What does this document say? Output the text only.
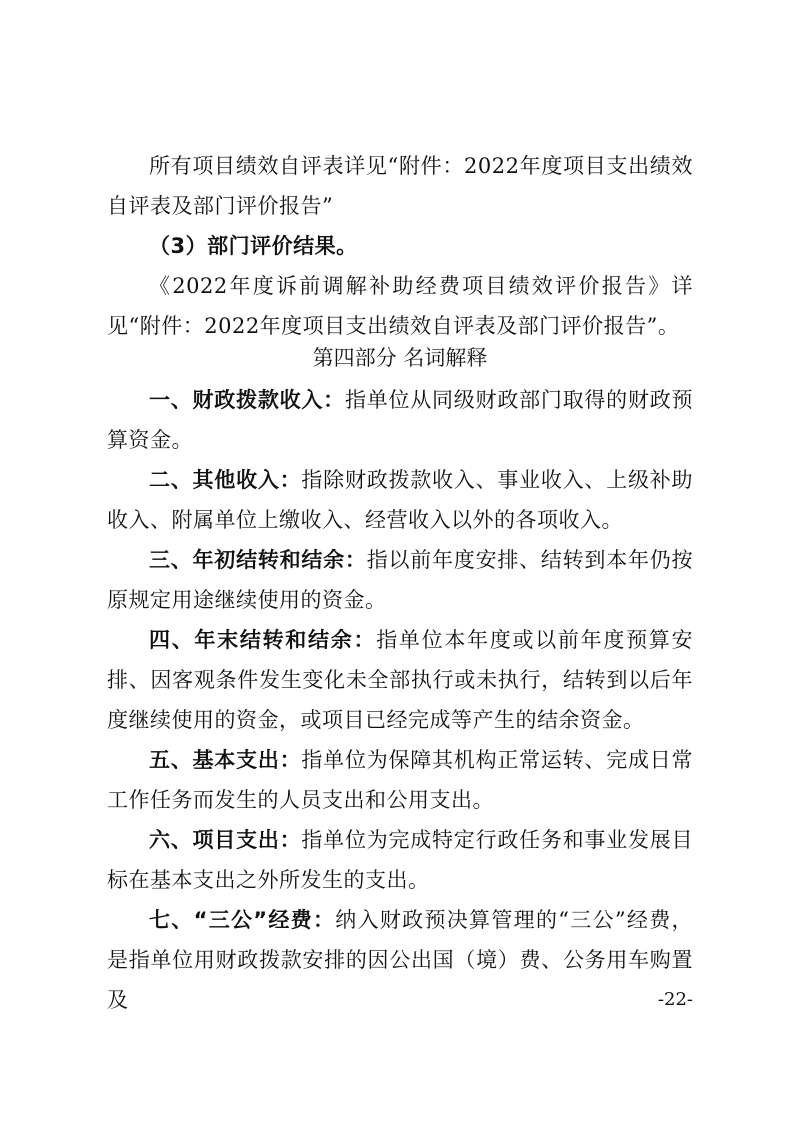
所有项目绩效自评表详见“附件：2022年度项目支出绩效自评表及部门评价报告”

（3）部门评价结果。

《2022年度诉前调解补助经费项目绩效评价报告》详见“附件：2022年度项目支出绩效自评表及部门评价报告”。

第四部分 名词解释

一、财政拨款收入：指单位从同级财政部门取得的财政预算资金。

二、其他收入：指除财政拨款收入、事业收入、上级补助收入、附属单位上缴收入、经营收入以外的各项收入。

三、年初结转和结余：指以前年度安排、结转到本年仍按原规定用途继续使用的资金。

四、年末结转和结余：指单位本年度或以前年度预算安排、因客观条件发生变化未全部执行或未执行，结转到以后年度继续使用的资金，或项目已经完成等产生的结余资金。

五、基本支出：指单位为保障其机构正常运转、完成日常工作任务而发生的人员支出和公用支出。

六、项目支出：指单位为完成特定行政任务和事业发展目标在基本支出之外所发生的支出。

七、“三公”经费：纳入财政预决算管理的“三公”经费，是指单位用财政拨款安排的因公出国（境）费、公务用车购置及	-22-
